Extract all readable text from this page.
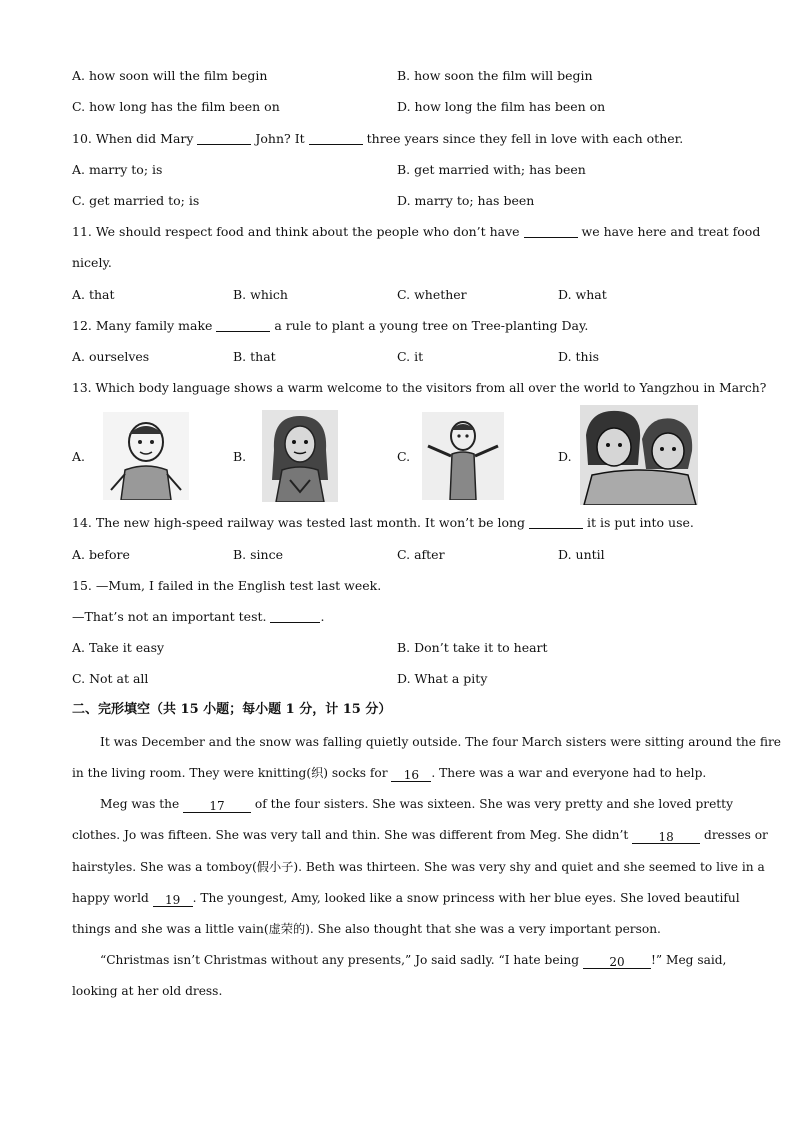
A. how soon will the film begin	B. how soon the film will begin
C. how long has the film been on	D. how long the film has been on
10. When did Mary	John? It	three years since they fell in love with each other.
A. marry to; is	B. get married with; has been
C. get married to; is	D. marry to; has been
11. We should respect food and think about the people who don’t have	we have here and treat food
nicely.
A. that	B. which	C. whether	D. what
12. Many family make	a rule to plant a young tree on Tree-planting Day.
A. ourselves	B. that	C. it	D. this
13. Which body language shows a warm welcome to the visitors from all over the world to Yangzhou in March?
A.	B.	C.	D.
14. The new high-speed railway was tested last month. It won’t be long	it is put into use.
A. before	B. since	C. after	D. until
15. —Mum, I failed in the English test last week.
—That’s not an important test.	.
A. Take it easy	B. Don’t take it to heart
C. Not at all	D. What a pity
二、完形填空（共 15 小题；每小题 1 分，计 15 分）
It was December and the snow was falling quietly outside. The four March sisters were sitting around the fire
in the living room. They were knitting(织) socks for 16 . There was a war and everyone had to help.
Meg was the 17 of the four sisters. She was sixteen. She was very pretty and she loved pretty
clothes. Jo was fifteen. She was very tall and thin. She was different from Meg. She didn’t 18 dresses or
hairstyles. She was a tomboy(假小子). Beth was thirteen. She was very shy and quiet and she seemed to live in a
happy world 19 . The youngest, Amy, looked like a snow princess with her blue eyes. She loved beautiful
things and she was a little vain(虚荣的). She also thought that she was a very important person.
“Christmas isn’t Christmas without any presents,” Jo said sadly. “I hate being 20 !” Meg said,
looking at her old dress.
